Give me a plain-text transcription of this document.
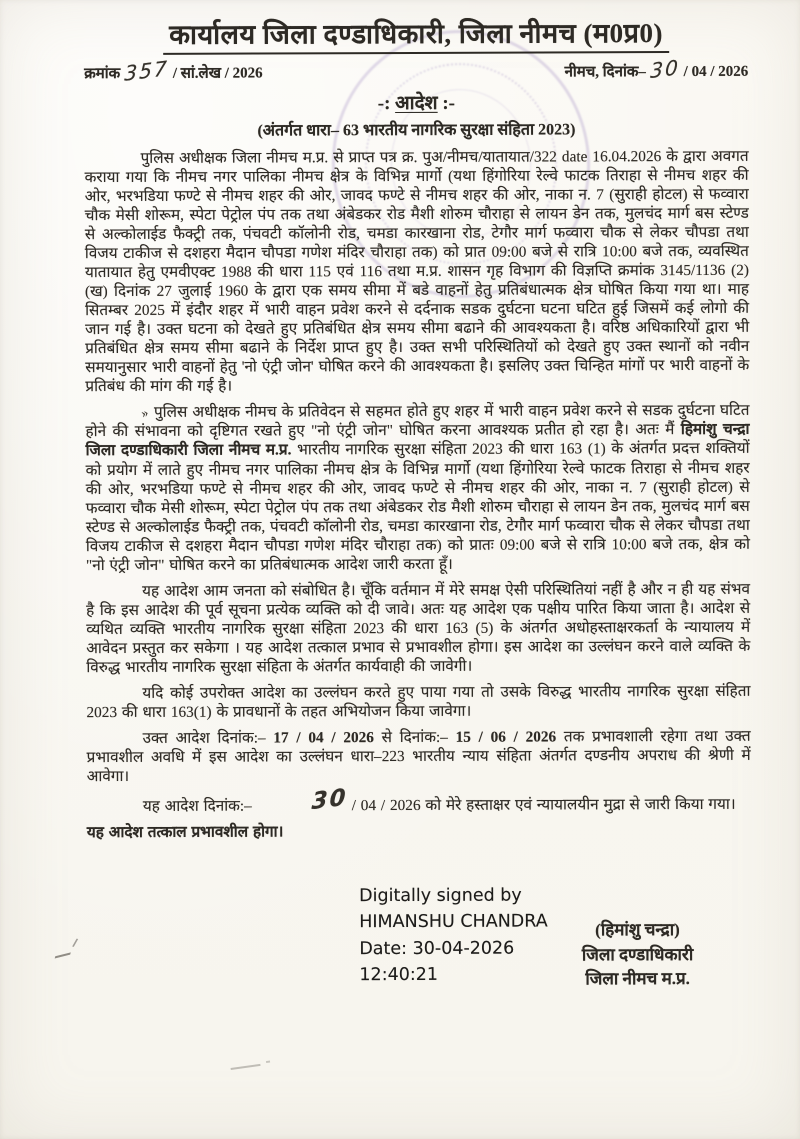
कार्यालय जिला दण्डाधिकारी, जिला नीमच (म0प्र0)
क्रमांक 357 / सां.लेख / 2026	नीमच, दिनांक– 30 / 04 / 2026
-: आदेश :-
(अंतर्गत धारा– 63 भारतीय नागरिक सुरक्षा संहिता 2023)

पुलिस अधीक्षक जिला नीमच म.प्र. से प्राप्त पत्र क्र. पुअ/नीमच/यातायात/322 date 16.04.2026 के द्वारा अवगत कराया गया कि नीमच नगर पालिका नीमच क्षेत्र के विभिन्न मार्गो (यथा हिंगोरिया रेल्वे फाटक तिराहा से नीमच शहर की ओर, भरभडिया फण्टे से नीमच शहर की ओर, जावद फण्टे से नीमच शहर की ओर, नाका न. 7 (सुराही होटल) से फव्वारा चौक मेसी शोरूम, स्पेटा पेट्रोल पंप तक तथा अंबेडकर रोड मैशी शोरुम चौराहा से लायन डेन तक, मुलचंद मार्ग बस स्टेण्ड से अल्कोलाईड फैक्ट्री तक, पंचवटी कॉलोनी रोड, चमडा कारखाना रोड, टेगौर मार्ग फव्वारा चौक से लेकर चौपडा तथा विजय टाकीज से दशहरा मैदान चौपडा गणेश मंदिर चौराहा तक) को प्रात 09:00 बजे से रात्रि 10:00 बजे तक, व्यवस्थित यातायात हेतु एमवीएक्ट 1988 की धारा 115 एवं 116 तथा म.प्र. शासन गृह विभाग की विज्ञप्ति क्रमांक 3145/1136 (2) (ख) दिनांक 27 जुलाई 1960 के द्वारा एक समय सीमा में बडे वाहनों हेतु प्रतिबंधात्मक क्षेत्र घोषित किया गया था। माह सितम्बर 2025 में इंदौर शहर में भारी वाहन प्रवेश करने से दर्दनाक सडक दुर्घटना घटना घटित हुई जिसमें कई लोगो की जान गई है। उक्त घटना को देखते हुए प्रतिबंधित क्षेत्र समय सीमा बढाने की आवश्यकता है। वरिष्ठ अधिकारियों द्वारा भी प्रतिबंधित क्षेत्र समय सीमा बढाने के निर्देश प्राप्त हुए है। उक्त सभी परिस्थितियों को देखते हुए उक्त स्थानों को नवीन समयानुसार भारी वाहनों हेतु 'नो एंट्री जोन' घोषित करने की आवश्यकता है। इसलिए उक्त चिन्हित मांगों पर भारी वाहनों के प्रतिबंध की मांग की गई है।

» पुलिस अधीक्षक नीमच के प्रतिवेदन से सहमत होते हुए शहर में भारी वाहन प्रवेश करने से सडक दुर्घटना घटित होने की संभावना को दृष्टिगत रखते हुए "नो एंट्री जोन" घोषित करना आवश्यक प्रतीत हो रहा है। अतः मैं हिमांशु चन्द्रा जिला दण्डाधिकारी जिला नीमच म.प्र. भारतीय नागरिक सुरक्षा संहिता 2023 की धारा 163 (1) के अंतर्गत प्रदत्त शक्तियों को प्रयोग में लाते हुए नीमच नगर पालिका नीमच क्षेत्र के विभिन्न मार्गो (यथा हिंगोरिया रेल्वे फाटक तिराहा से नीमच शहर की ओर, भरभडिया फण्टे से नीमच शहर की ओर, जावद फण्टे से नीमच शहर की ओर, नाका न. 7 (सुराही होटल) से फव्वारा चौक मेसी शोरूम, स्पेटा पेट्रोल पंप तक तथा अंबेडकर रोड मैशी शोरुम चौराहा से लायन डेन तक, मुलचंद मार्ग बस स्टेण्ड से अल्कोलाईड फैक्ट्री तक, पंचवटी कॉलोनी रोड, चमडा कारखाना रोड, टेगौर मार्ग फव्वारा चौक से लेकर चौपडा तथा विजय टाकीज से दशहरा मैदान चौपडा गणेश मंदिर चौराहा तक) को प्रातः 09:00 बजे से रात्रि 10:00 बजे तक, क्षेत्र को "नो एंट्री जोन" घोषित करने का प्रतिबंधात्मक आदेश जारी करता हूँ।

यह आदेश आम जनता को संबोधित है। चूँकि वर्तमान में मेरे समक्ष ऐसी परिस्थितियां नहीं है और न ही यह संभव है कि इस आदेश की पूर्व सूचना प्रत्येक व्यक्ति को दी जावे। अतः यह आदेश एक पक्षीय पारित किया जाता है। आदेश से व्यथित व्यक्ति भारतीय नागरिक सुरक्षा संहिता 2023 की धारा 163 (5) के अंतर्गत अधोहस्ताक्षरकर्ता के न्यायालय में आवेदन प्रस्तुत कर सकेगा । यह आदेश तत्काल प्रभाव से प्रभावशील होगा। इस आदेश का उल्लंघन करने वाले व्यक्ति के विरुद्ध भारतीय नागरिक सुरक्षा संहिता के अंतर्गत कार्यवाही की जावेगी।

यदि कोई उपरोक्त आदेश का उल्लंघन करते हुए पाया गया तो उसके विरुद्ध भारतीय नागरिक सुरक्षा संहिता 2023 की धारा 163(1) के प्रावधानों के तहत अभियोजन किया जावेगा।

उक्त आदेश दिनांक:– 17 / 04 / 2026 से दिनांक:– 15 / 06 / 2026 तक प्रभावशाली रहेगा तथा उक्त प्रभावशील अवधि में इस आदेश का उल्लंघन धारा–223 भारतीय न्याय संहिता अंतर्गत दण्डनीय अपराध की श्रेणी में आवेगा।

यह आदेश दिनांक:–	30 / 04 / 2026 को मेरे हस्ताक्षर एवं न्यायालयीन मुद्रा से जारी किया गया।

यह आदेश तत्काल प्रभावशील होगा।

Digitally signed by
HIMANSHU CHANDRA
Date: 30-04-2026
12:40:21
(हिमांशु चन्द्रा)
जिला दण्डाधिकारी
जिला नीमच म.प्र.
